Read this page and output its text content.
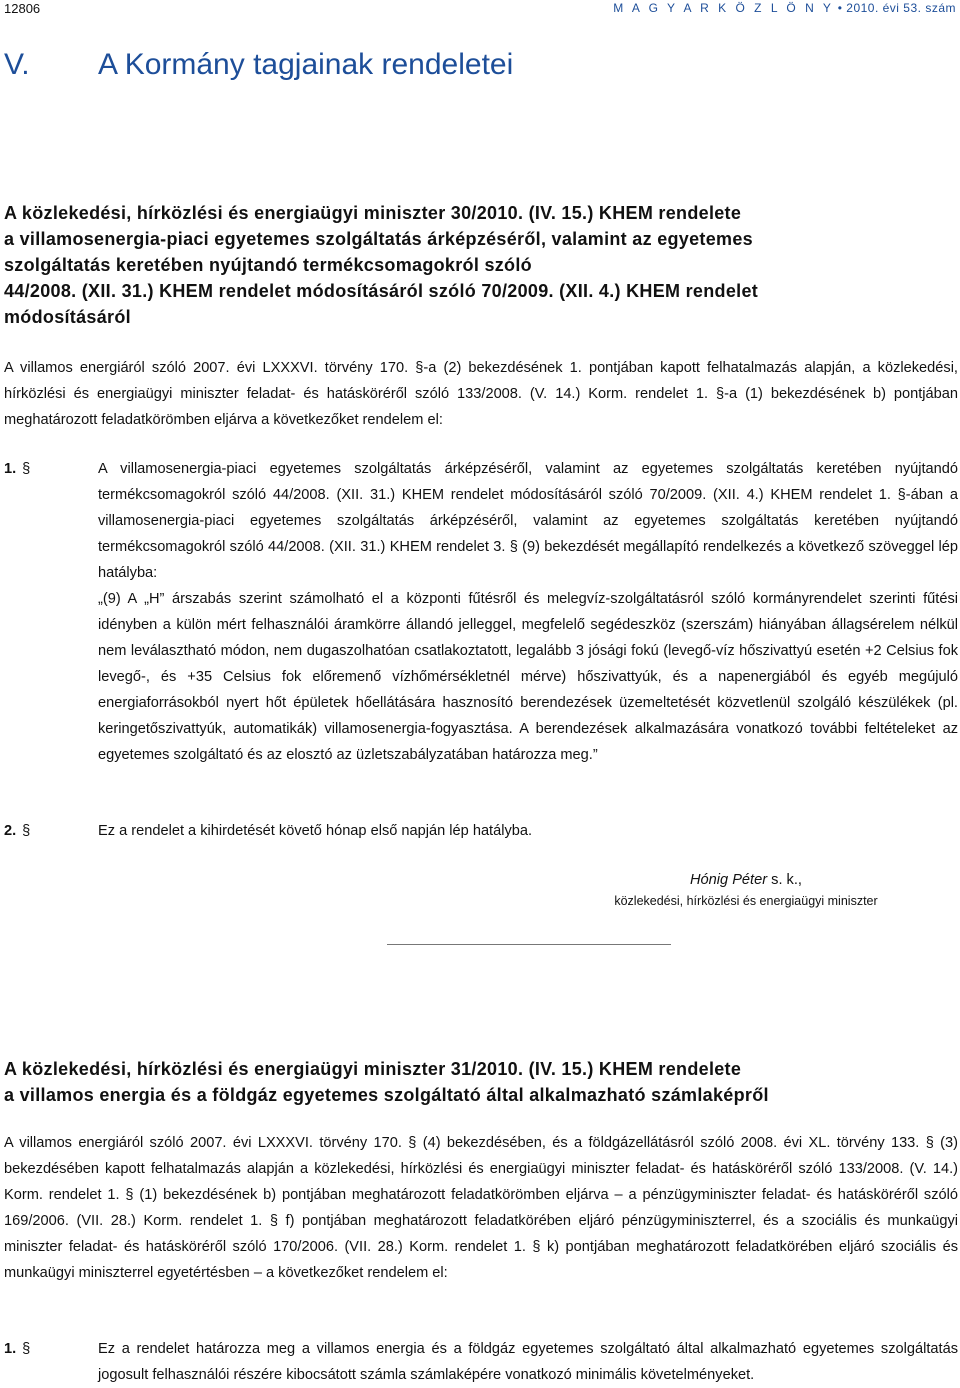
12806	M A G Y A R K Ö Z L Ö N Y • 2010. évi 53. szám
V. A Kormány tagjainak rendeletei
A közlekedési, hírközlési és energiaügyi miniszter 30/2010. (IV. 15.) KHEM rendelete
a villamosenergia-piaci egyetemes szolgáltatás árképzéséről, valamint az egyetemes
szolgáltatás keretében nyújtandó termékcsomagokról szóló
44/2008. (XII. 31.) KHEM rendelet módosításáról szóló 70/2009. (XII. 4.) KHEM rendelet
módosításáról
A villamos energiáról szóló 2007. évi LXXXVI. törvény 170. §-a (2) bekezdésének 1. pontjában kapott felhatalmazás alapján, a közlekedési, hírközlési és energiaügyi miniszter feladat- és hatásköréről szóló 133/2008. (V. 14.) Korm. rendelet 1. §-a (1) bekezdésének b) pontjában meghatározott feladatkörömben eljárva a következőket rendelem el:
1. §	A villamosenergia-piaci egyetemes szolgáltatás árképzéséről, valamint az egyetemes szolgáltatás keretében nyújtandó termékcsomagokról szóló 44/2008. (XII. 31.) KHEM rendelet módosításáról szóló 70/2009. (XII. 4.) KHEM rendelet 1. §-ában a villamosenergia-piaci egyetemes szolgáltatás árképzéséről, valamint az egyetemes szolgáltatás keretében nyújtandó termékcsomagokról szóló 44/2008. (XII. 31.) KHEM rendelet 3. § (9) bekezdését megállapító rendelkezés a következő szöveggel lép hatályba:
„(9) A „H” árszabás szerint számolható el a központi fűtésről és melegvíz-szolgáltatásról szóló kormányrendelet szerinti fűtési idényben a külön mért felhasználói áramkörre állandó jelleggel, megfelelő segédeszköz (szerszám) hiányában állagsérelem nélkül nem leválasztható módon, nem dugaszolhatóan csatlakoztatott, legalább 3 jósági fokú (levegő-víz hőszivattyú esetén +2 Celsius fok levegő-, és +35 Celsius fok előremenő vízhőmérsékletnél mérve) hőszivattyúk, és a napenergiából és egyéb megújuló energiaforrásokból nyert hőt épületek hőellátására hasznosító berendezések üzemeltetését közvetlenül szolgáló készülékek (pl. keringetőszivattyúk, automatikák) villamosenergia-fogyasztása. A berendezések alkalmazására vonatkozó további feltételeket az egyetemes szolgáltató és az elosztó az üzletszabályzatában határozza meg.”
2. §	Ez a rendelet a kihirdetését követő hónap első napján lép hatályba.
Hónig Péter s. k.,
közlekedési, hírközlési és energiaügyi miniszter
A közlekedési, hírközlési és energiaügyi miniszter 31/2010. (IV. 15.) KHEM rendelete
a villamos energia és a földgáz egyetemes szolgáltató által alkalmazható számlaképről
A villamos energiáról szóló 2007. évi LXXXVI. törvény 170. § (4) bekezdésében, és a földgázellátásról szóló 2008. évi XL. törvény 133. § (3) bekezdésében kapott felhatalmazás alapján a közlekedési, hírközlési és energiaügyi miniszter feladat- és hatásköréről szóló 133/2008. (V. 14.) Korm. rendelet 1. § (1) bekezdésének b) pontjában meghatározott feladatkörömben eljárva – a pénzügyminiszter feladat- és hatásköréről szóló 169/2006. (VII. 28.) Korm. rendelet 1. § f) pontjában meghatározott feladatkörében eljáró pénzügyminiszterrel, és a szociális és munkaügyi miniszter feladat- és hatásköréről szóló 170/2006. (VII. 28.) Korm. rendelet 1. § k) pontjában meghatározott feladatkörében eljáró szociális és munkaügyi miniszterrel egyetértésben – a következőket rendelem el:
1. §	Ez a rendelet határozza meg a villamos energia és a földgáz egyetemes szolgáltató által alkalmazható egyetemes szolgáltatás jogosult felhasználói részére kibocsátott számla számlaképére vonatkozó minimális követelményeket.
